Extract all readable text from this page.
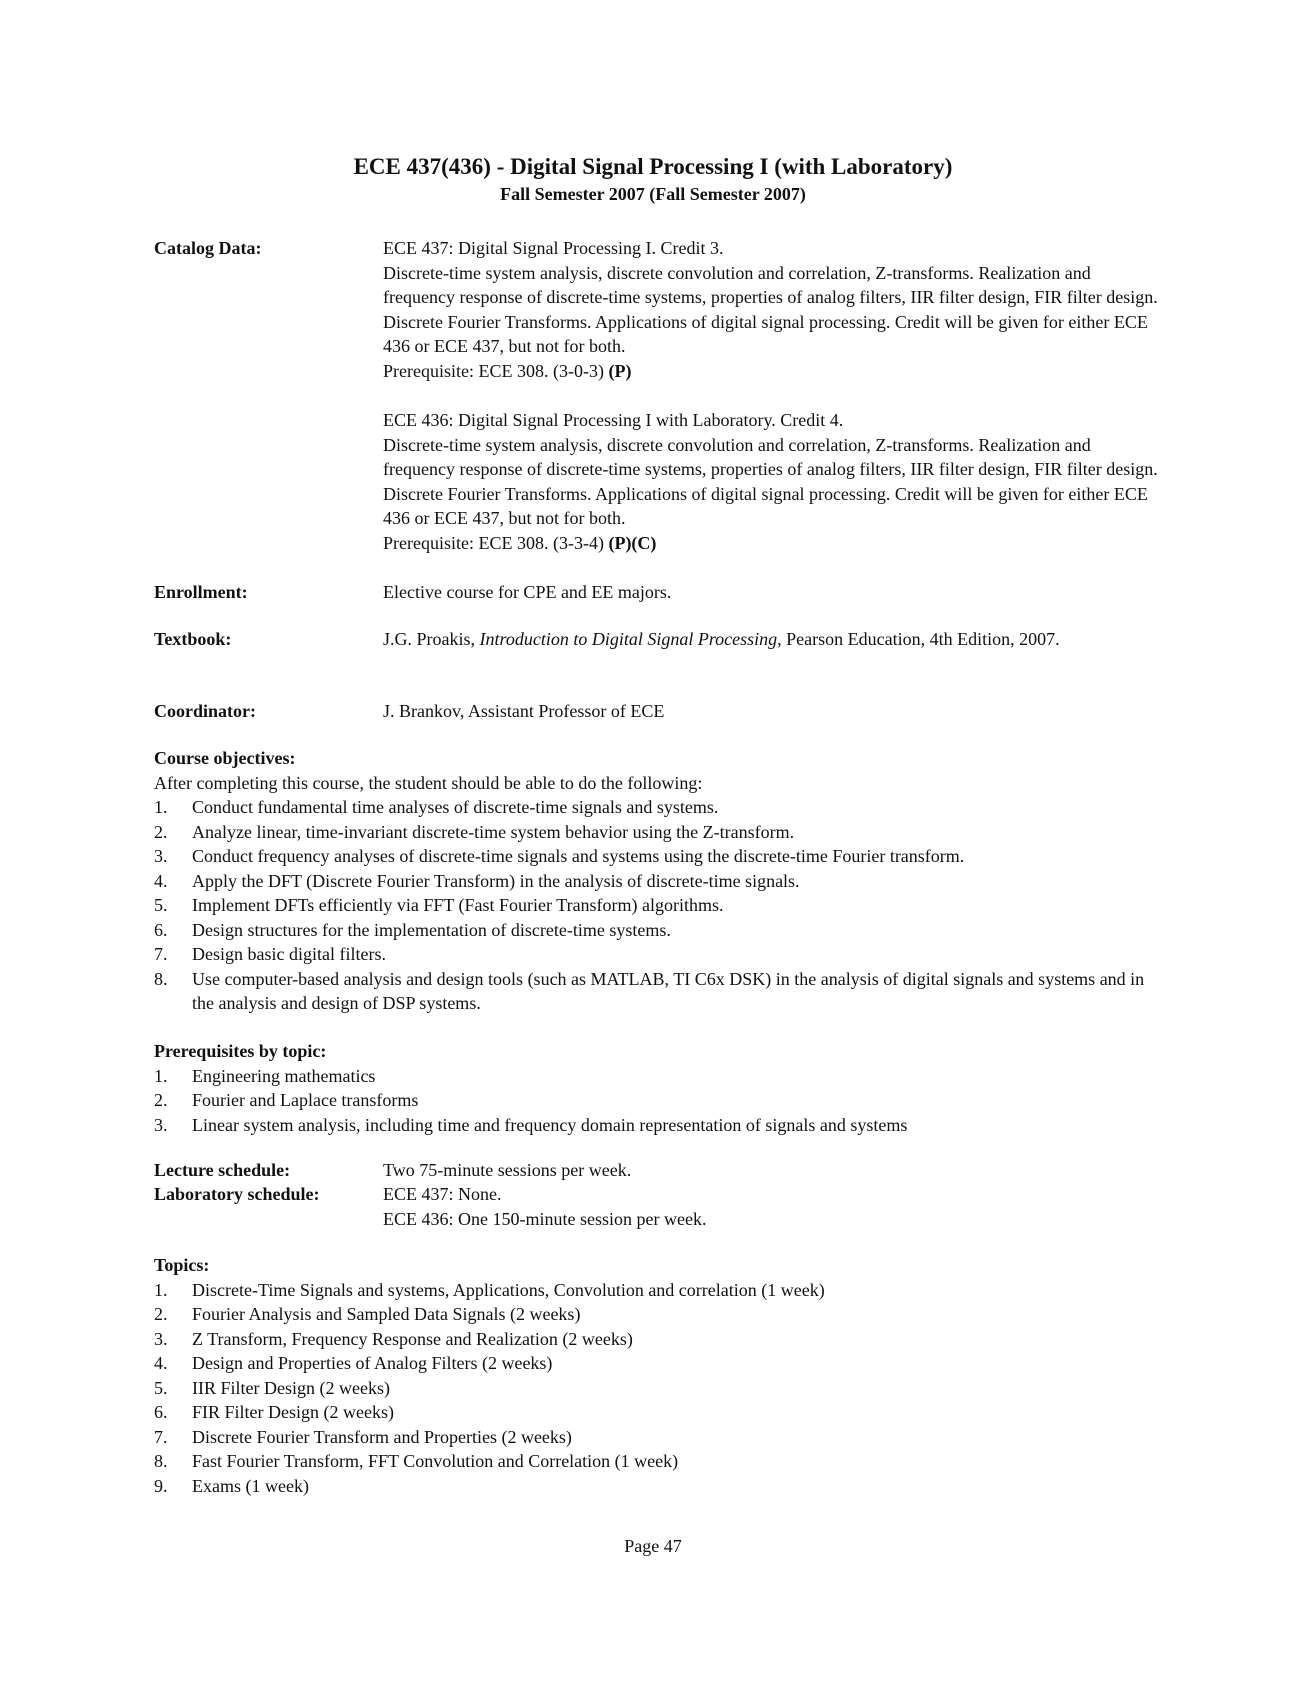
ECE 437(436) - Digital Signal Processing I (with Laboratory)
Fall Semester 2007 (Fall Semester 2007)
Catalog Data:	ECE 437: Digital Signal Processing I. Credit 3.

Discrete-time system analysis, discrete convolution and correlation, Z-transforms. Realization and frequency response of discrete-time systems, properties of analog filters, IIR filter design, FIR filter design. Discrete Fourier Transforms. Applications of digital signal processing. Credit will be given for either ECE 436 or ECE 437, but not for both.

Prerequisite: ECE 308. (3-0-3) (P)

ECE 436: Digital Signal Processing I with Laboratory. Credit 4.

Discrete-time system analysis, discrete convolution and correlation, Z-transforms. Realization and frequency response of discrete-time systems, properties of analog filters, IIR filter design, FIR filter design. Discrete Fourier Transforms. Applications of digital signal processing. Credit will be given for either ECE 436 or ECE 437, but not for both.

Prerequisite: ECE 308. (3-3-4) (P)(C)

Enrollment:	Elective course for CPE and EE majors.
Textbook:	J.G. Proakis, Introduction to Digital Signal Processing, Pearson Education, 4th Edition, 2007.
Coordinator:	J. Brankov, Assistant Professor of ECE
Course objectives:
After completing this course, the student should be able to do the following:
1. Conduct fundamental time analyses of discrete-time signals and systems.
2. Analyze linear, time-invariant discrete-time system behavior using the Z-transform.
3. Conduct frequency analyses of discrete-time signals and systems using the discrete-time Fourier transform.
4. Apply the DFT (Discrete Fourier Transform) in the analysis of discrete-time signals.
5. Implement DFTs efficiently via FFT (Fast Fourier Transform) algorithms.
6. Design structures for the implementation of discrete-time systems.
7. Design basic digital filters.
8. Use computer-based analysis and design tools (such as MATLAB, TI C6x DSK) in the analysis of digital signals and systems and in the analysis and design of DSP systems.
Prerequisites by topic:
1. Engineering mathematics
2. Fourier and Laplace transforms
3. Linear system analysis, including time and frequency domain representation of signals and systems
Lecture schedule:	Two 75-minute sessions per week.
Laboratory schedule:	ECE 437: None.

ECE 436: One 150-minute session per week.

Topics:
1. Discrete-Time Signals and systems, Applications, Convolution and correlation (1 week)
2. Fourier Analysis and Sampled Data Signals (2 weeks)
3. Z Transform, Frequency Response and Realization (2 weeks)
4. Design and Properties of Analog Filters (2 weeks)
5. IIR Filter Design (2 weeks)
6. FIR Filter Design (2 weeks)
7. Discrete Fourier Transform and Properties (2 weeks)
8. Fast Fourier Transform, FFT Convolution and Correlation (1 week)
9. Exams (1 week)
Page 47
